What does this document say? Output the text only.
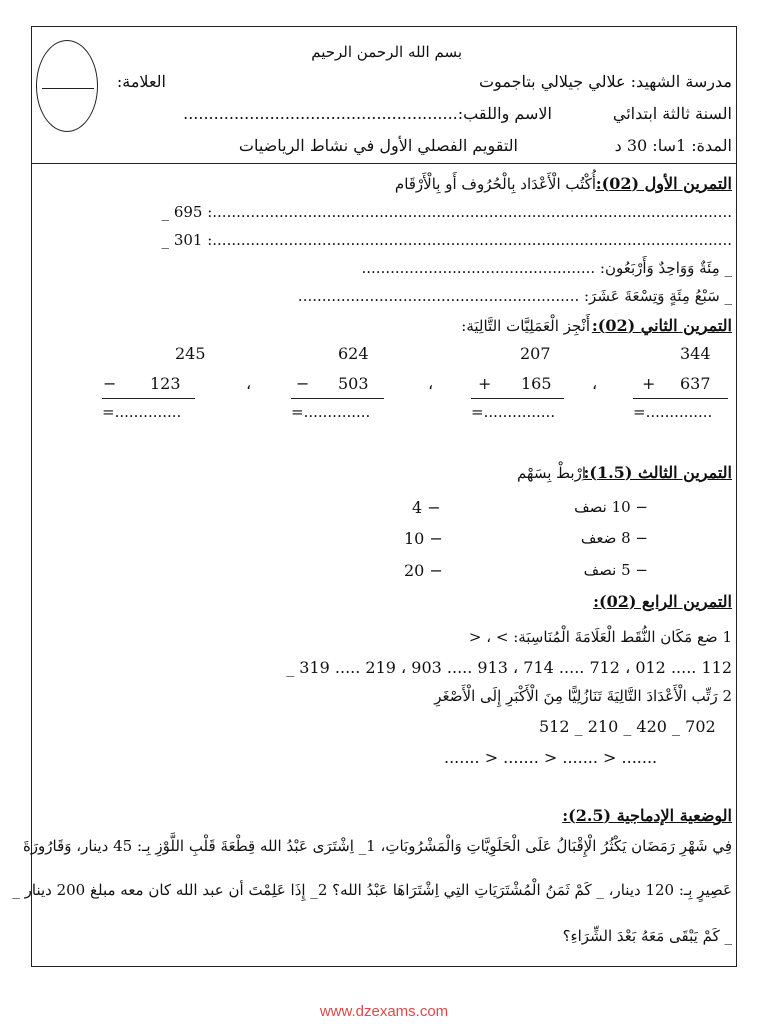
بسم الله الرحمن الرحيم
مدرسة الشهيد: علالي جيلالي بتاجموت
العلامة:
السنة ثالثة ابتدائي
الاسم واللقب:......................................................
المدة: 1سا: 30 د
التقويم الفصلي الأول في نشاط الرياضيات
التمرين الأول (02):
أُكْتُب الْأَعْدَاد بِالْحُرُوف أَو بِالْأَرْقَام
_ 695 :.............................................................................................................
_ 301 :.............................................................................................................
_ مِئَةٌ وَوَاحِدٌ وَأَرْبَعُون: .................................................
_ سَبْعُ مِئَةٍ وَتِسْعَةَ عَشَرَ: ...........................................................
التمرين الثاني (02):
أَنْجِز الْعَمَلِيَّات التَّالِيَة:
344
+ 637
=..............
،
207
+ 165
=...............
،
624
− 503
=..............
،
245
− 123
=..............
التمرين الثالث (1.5):
اِرْبطْ بِسَهْم
− 10 نصف
− 8 ضعف
− 5 نصف
4 −
10 −
20 −
التمرين الرابع (02):
1 ضع مَكَان النُّقَط الْعَلَامَةَ الْمُنَاسِبَة: > ، <
_ 319 ..... 219 ، 903 ..... 913 ، 714 ..... 712 ، 012 ..... 112
2 رَتِّب الْأَعْدَادَ التَّالِيَةَ تَنَازُلِيًّا مِنَ الْأَكْبَرِ إِلَى الْأَصْغَرِ
512 _ 210 _ 420 _ 702
....... > ....... > ....... > .......
الوضعية الإدماجية (2.5):
فِي شَهْرِ رَمَضَان يَكْثُرُ الْإِقْبَالُ عَلَى الْحَلَوِيَّاتِ وَالْمَشْرُوبَاتِ، 1_ اِشْتَرَى عَبْدُ الله قِطْعَةَ قَلْبِ اللَّوْزِ بِـ: 45 دينار، وَقَارُورَةَ
عَصِيرٍ بِـ: 120 دينار، _ كَمْ ثَمَنُ الْمُشْتَرَيَاتِ التِي اِشْتَرَاهَا عَبْدُ الله؟ 2_ إِذَا عَلِمْتَ أن عبد الله كان معه مبلغ 200 دينار _
_ كَمْ يَبْقَى مَعَهُ بَعْدَ الشِّرَاءِ؟
www.dzexams.com
